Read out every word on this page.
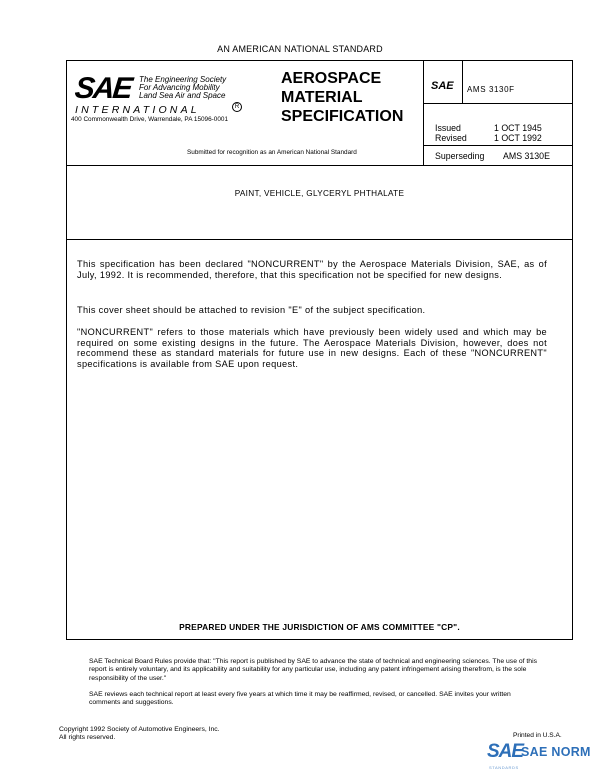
AN AMERICAN NATIONAL STANDARD
SAE The Engineering Society
For Advancing Mobility
Land Sea Air and Space
INTERNATIONAL	R
400 Commonwealth Drive, Warrendale, PA 15096-0001
AEROSPACE
MATERIAL
SPECIFICATION
Submitted for recognition as an American National Standard
SAE	AMS 3130F
Issued	1 OCT 1945
Revised	1 OCT 1992
Superseding AMS 3130E
PAINT, VEHICLE, GLYCERYL PHTHALATE
This specification has been declared "NONCURRENT" by the Aerospace Materials Division, SAE, as of July, 1992. It is recommended, therefore, that this specification not be specified for new designs.
This cover sheet should be attached to revision "E" of the subject specification.
"NONCURRENT" refers to those materials which have previously been widely used and which may be required on some existing designs in the future. The Aerospace Materials Division, however, does not recommend these as standard materials for future use in new designs. Each of these "NONCURRENT" specifications is available from SAE upon request.
PREPARED UNDER THE JURISDICTION OF AMS COMMITTEE "CP".
SAE Technical Board Rules provide that: "This report is published by SAE to advance the state of technical and engineering sciences. The use of this report is entirely voluntary, and its applicability and suitability for any particular use, including any patent infringement arising therefrom, is the sole responsibility of the user."
SAE reviews each technical report at least every five years at which time it may be reaffirmed, revised, or cancelled. SAE invites your written comments and suggestions.
Copyright 1992 Society of Automotive Engineers, Inc.
All rights reserved.	Printed in U.S.A.
SAE
SAE NORM
STANDARDS
